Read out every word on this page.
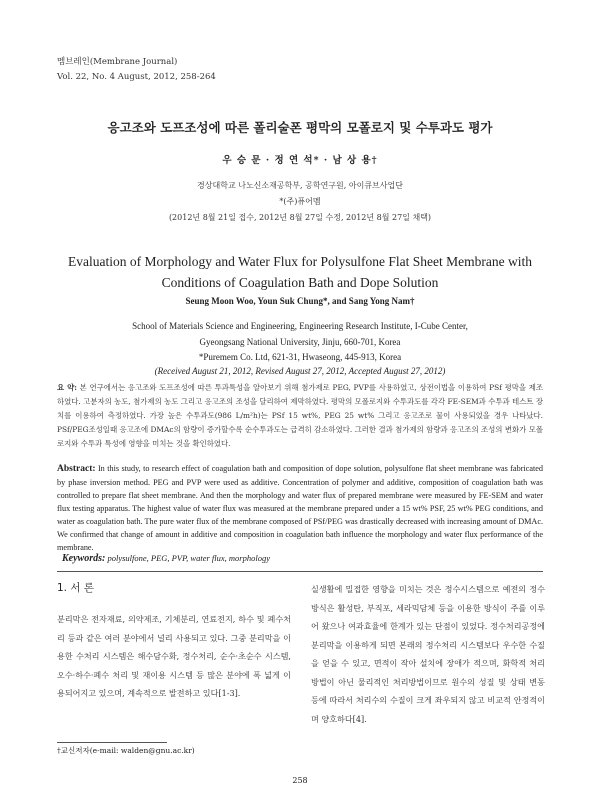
멤브레인(Membrane Journal)
Vol. 22, No. 4 August, 2012, 258-264
응고조와 도프조성에 따른 폴리술폰 평막의 모폴로지 및 수투과도 평가
우 승 문 · 정 연 석* · 남 상 용†
경상대학교 나노신소재공학부, 공학연구원, 아이큐브사업단
*(주)퓨어멤
(2012년 8월 21일 접수, 2012년 8월 27일 수정, 2012년 8월 27일 채택)
Evaluation of Morphology and Water Flux for Polysulfone Flat Sheet Membrane with
Conditions of Coagulation Bath and Dope Solution
Seung Moon Woo, Youn Suk Chung*, and Sang Yong Nam†
School of Materials Science and Engineering, Engineering Research Institute, I-Cube Center,
Gyeongsang National University, Jinju, 660-701, Korea
*Puremem Co. Ltd, 621-31, Hwaseong, 445-913, Korea
(Received August 21, 2012, Revised August 27, 2012, Accepted August 27, 2012)
요 약: 본 연구에서는 응고조와 도프조성에 따른 투과특성을 알아보기 위해 첨가제로 PEG, PVP를 사용하였고, 상전이법을 이용하여 PSf 평막을 제조하였다. 고분자의 농도, 첨가제의 농도 그리고 응고조의 조성을 달리하여 제막하였다. 평막의 모폴로지와 수투과도를 각각 FE-SEM과 수투과 테스트 장치를 이용하여 측정하였다. 가장 높은 수투과도(986 L/m²h)는 PSf 15 wt%, PEG 25 wt% 그리고 응고조로 물이 사용되었을 경우 나타났다. PSf/PEG조성일때 응고조에 DMAc의 함량이 증가할수록 순수투과도는 급격히 감소하였다. 그러한 결과 첨가제의 함량과 응고조의 조성의 변화가 모폴로지와 수투과 특성에 영향을 미치는 것을 확인하였다.
Abstract: In this study, to research effect of coagulation bath and composition of dope solution, polysulfone flat sheet membrane was fabricated by phase inversion method. PEG and PVP were used as additive. Concentration of polymer and additive, composition of coagulation bath was controlled to prepare flat sheet membrane. And then the morphology and water flux of prepared membrane were measured by FE-SEM and water flux testing apparatus. The highest value of water flux was measured at the membrane prepared under a 15 wt% PSF, 25 wt% PEG conditions, and water as coagulation bath. The pure water flux of the membrane composed of PSf/PEG was drastically decreased with increasing amount of DMAc. We confirmed that change of amount in additive and composition in coagulation bath influence the morphology and water flux performance of the membrane.
Keywords: polysulfone, PEG, PVP, water flux, morphology
1. 서 론
분리막은 전자재료, 의약제조, 기체분리, 연료전지, 하수 및 폐수처리 등과 같은 여러 분야에서 널리 사용되고 있다. 그중 분리막을 이용한 수처리 시스템은 해수담수화, 정수처리, 순수·초순수 시스템, 오수·하수·폐수 처리 및 재이용 시스템 등 많은 분야에 폭 넓게 이용되어지고 있으며, 계속적으로 발전하고 있다[1-3].
실생활에 밀접한 영향을 미치는 것은 정수시스템으로 예전의 정수방식은 활성탄, 부직포, 세라믹담체 등을 이용한 방식이 주를 이루어 왔으나 여과효율에 한계가 있는 단점이 있었다. 정수처리공정에 분리막을 이용하게 되면 본래의 정수처리 시스템보다 우수한 수질을 얻을 수 있고, 면적이 작아 설치에 장애가 적으며, 화학적 처리방법이 아닌 물리적인 처리방법이므로 원수의 성질 및 상태 변동 등에 따라서 처리수의 수질이 크게 좌우되지 않고 비교적 안정적이며 양호하다[4].
†교신저자(e-mail: walden@gnu.ac.kr)
258
